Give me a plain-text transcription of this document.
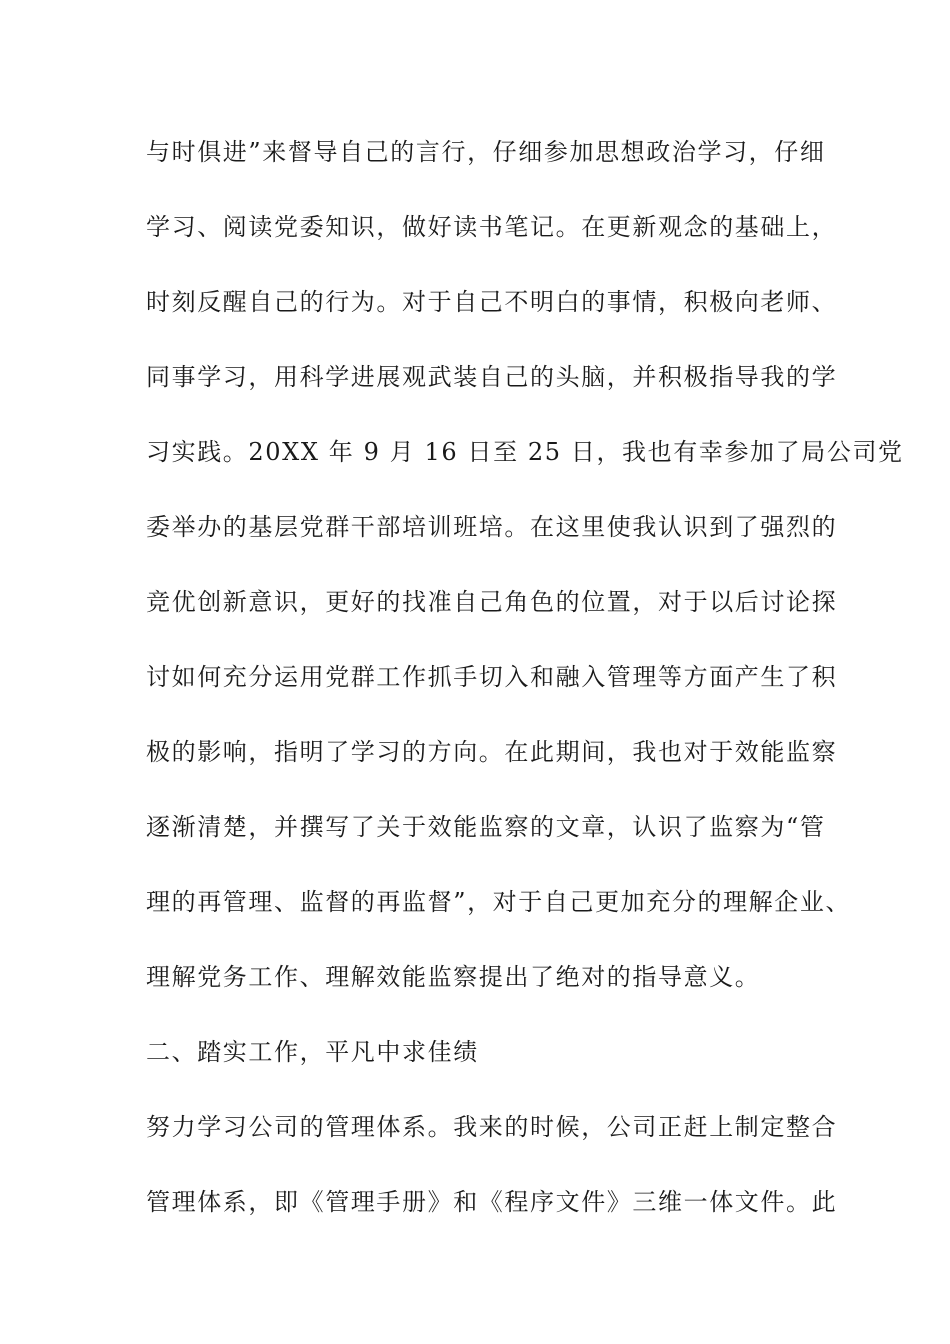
与时俱进”来督导自己的言行，仔细参加思想政治学习，仔细
学习、阅读党委知识，做好读书笔记。在更新观念的基础上，
时刻反醒自己的行为。对于自己不明白的事情，积极向老师、
同事学习，用科学进展观武装自己的头脑，并积极指导我的学
习实践。20XX 年 9 月 16 日至 25 日，我也有幸参加了局公司党
委举办的基层党群干部培训班培。在这里使我认识到了强烈的
竞优创新意识，更好的找准自己角色的位置，对于以后讨论探
讨如何充分运用党群工作抓手切入和融入管理等方面产生了积
极的影响，指明了学习的方向。在此期间，我也对于效能监察
逐渐清楚，并撰写了关于效能监察的文章，认识了监察为“管
理的再管理、监督的再监督”，对于自己更加充分的理解企业、
理解党务工作、理解效能监察提出了绝对的指导意义。
二、踏实工作，平凡中求佳绩
努力学习公司的管理体系。我来的时候，公司正赶上制定整合
管理体系，即《管理手册》和《程序文件》三维一体文件。此
